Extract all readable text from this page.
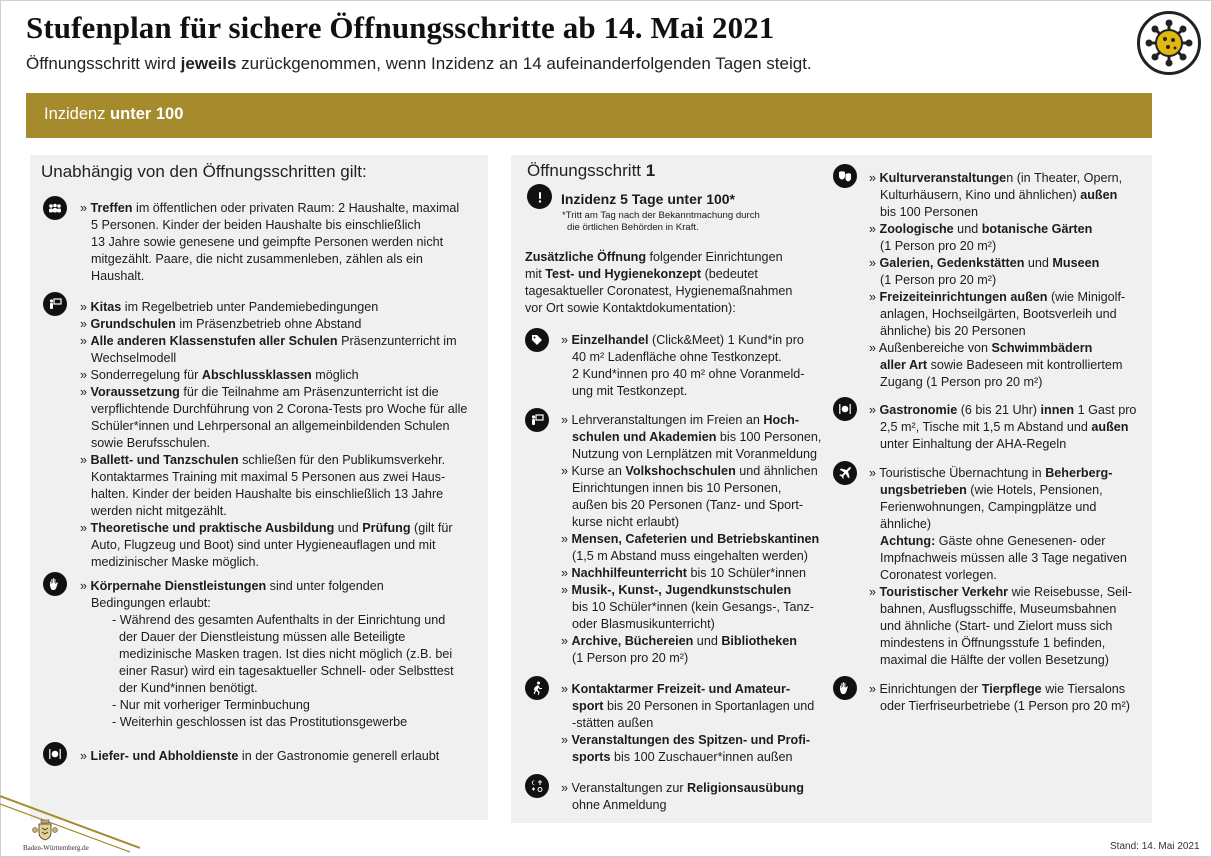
Stufenplan für sichere Öffnungsschritte ab 14. Mai 2021
Öffnungsschritt wird jeweils zurückgenommen, wenn Inzidenz an 14 aufeinanderfolgenden Tagen steigt.
Inzidenz unter 100
Unabhängig von den Öffnungsschritten gilt:
» Treffen im öffentlichen oder privaten Raum: 2 Haushalte, maximal
5 Personen. Kinder der beiden Haushalte bis einschließlich
13 Jahre sowie genesene und geimpfte Personen werden nicht
mitgezählt. Paare, die nicht zusammenleben, zählen als ein
Haushalt.
» Kitas im Regelbetrieb unter Pandemiebedingungen
» Grundschulen im Präsenzbetrieb ohne Abstand
» Alle anderen Klassenstufen aller Schulen Präsenzunterricht im
Wechselmodell
» Sonderregelung für Abschlussklassen möglich
» Voraussetzung für die Teilnahme am Präsenzunterricht ist die
verpflichtende Durchführung von 2 Corona-Tests pro Woche für alle
Schüler*innen und Lehrpersonal an allgemeinbildenden Schulen
sowie Berufsschulen.
» Ballett- und Tanzschulen schließen für den Publikumsverkehr.
Kontaktarmes Training mit maximal 5 Personen aus zwei Haus-
halten. Kinder der beiden Haushalte bis einschließlich 13 Jahre
werden nicht mitgezählt.
» Theoretische und praktische Ausbildung und Prüfung (gilt für
Auto, Flugzeug und Boot) sind unter Hygieneauflagen und mit
medizinischer Maske möglich.
» Körpernahe Dienstleistungen sind unter folgenden
Bedingungen erlaubt:
- Während des gesamten Aufenthalts in der Einrichtung und
der Dauer der Dienstleistung müssen alle Beteiligte
medizinische Masken tragen. Ist dies nicht möglich (z.B. bei
einer Rasur) wird ein tagesaktueller Schnell- oder Selbsttest
der Kund*innen benötigt.
- Nur mit vorheriger Terminbuchung
- Weiterhin geschlossen ist das Prostitutionsgewerbe
» Liefer- und Abholdienste in der Gastronomie generell erlaubt
Öffnungsschritt 1
Inzidenz 5 Tage unter 100*
*Tritt am Tag nach der Bekanntmachung durch
die örtlichen Behörden in Kraft.
Zusätzliche Öffnung folgender Einrichtungen
mit Test- und Hygienekonzept (bedeutet
tagesaktueller Coronatest, Hygienemaßnahmen
vor Ort sowie Kontaktdokumentation):
» Einzelhandel (Click&Meet) 1 Kund*in pro
40 m² Ladenfläche ohne Testkonzept.
2 Kund*innen pro 40 m² ohne Voranmeld-
ung mit Testkonzept.
» Lehrveranstaltungen im Freien an Hoch-
schulen und Akademien bis 100 Personen,
Nutzung von Lernplätzen mit Voranmeldung
» Kurse an Volkshochschulen und ähnlichen
Einrichtungen innen bis 10 Personen,
außen bis 20 Personen (Tanz- und Sport-
kurse nicht erlaubt)
» Mensen, Cafeterien und Betriebskantinen
(1,5 m Abstand muss eingehalten werden)
» Nachhilfeunterricht bis 10 Schüler*innen
» Musik-, Kunst-, Jugendkunstschulen
bis 10 Schüler*innen (kein Gesangs-, Tanz-
oder Blasmusikunterricht)
» Archive, Büchereien und Bibliotheken
(1 Person pro 20 m²)
» Kontaktarmer Freizeit- und Amateur-
sport bis 20 Personen in Sportanlagen und
-stätten außen
» Veranstaltungen des Spitzen- und Profi-
sports bis 100 Zuschauer*innen außen
» Veranstaltungen zur Religionsausübung
ohne Anmeldung
» Kulturveranstaltungen (in Theater, Opern,
Kulturhäusern, Kino und ähnlichen) außen
bis 100 Personen
» Zoologische und botanische Gärten
(1 Person pro 20 m²)
» Galerien, Gedenkstätten und Museen
(1 Person pro 20 m²)
» Freizeiteinrichtungen außen (wie Minigolf-
anlagen, Hochseilgärten, Bootsverleih und
ähnliche) bis 20 Personen
» Außenbereiche von Schwimmbädern
aller Art sowie Badeseen mit kontrolliertem
Zugang (1 Person pro 20 m²)
» Gastronomie (6 bis 21 Uhr) innen 1 Gast pro
2,5 m², Tische mit 1,5 m Abstand und außen
unter Einhaltung der AHA-Regeln
» Touristische Übernachtung in Beherberg-
ungsbetrieben (wie Hotels, Pensionen,
Ferienwohnungen, Campingplätze und
ähnliche)
Achtung: Gäste ohne Genesenen- oder
Impfnachweis müssen alle 3 Tage negativen
Coronatest vorlegen.
» Touristischer Verkehr wie Reisebusse, Seil-
bahnen, Ausflugsschiffe, Museumsbahnen
und ähnliche (Start- und Zielort muss sich
mindestens in Öffnungsstufe 1 befinden,
maximal die Hälfte der vollen Besetzung)
» Einrichtungen der Tierpflege wie Tiersalons
oder Tierfriseurbetriebe (1 Person pro 20 m²)
Baden-Württemberg.de	Stand: 14. Mai 2021
